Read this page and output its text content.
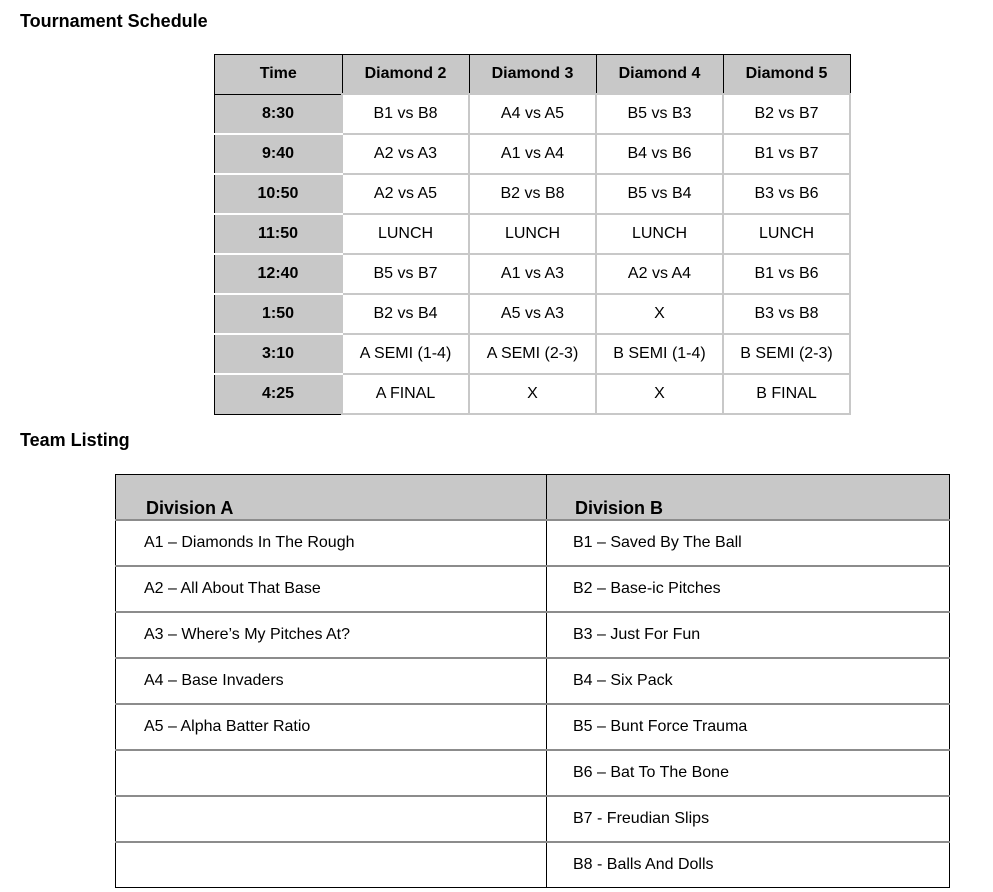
Tournament Schedule
Time	Diamond 2	Diamond 3	Diamond 4	Diamond 5
8:30	B1 vs B8	A4 vs A5	B5 vs B3	B2 vs B7
9:40	A2 vs A3	A1 vs A4	B4 vs B6	B1 vs B7
10:50	A2 vs A5	B2 vs B8	B5 vs B4	B3 vs B6
11:50	LUNCH	LUNCH	LUNCH	LUNCH
12:40	B5 vs B7	A1 vs A3	A2 vs A4	B1 vs B6
1:50	B2 vs B4	A5 vs A3	X	B3 vs B8
3:10	A SEMI (1-4)	A SEMI (2-3)	B SEMI (1-4)	B SEMI (2-3)
4:25	A FINAL	X	X	B FINAL
Team Listing
Division A	Division B
A1 – Diamonds In The Rough	B1 – Saved By The Ball
A2 – All About That Base	B2 – Base-ic Pitches
A3 – Where’s My Pitches At?	B3 – Just For Fun
A4 – Base Invaders	B4 – Six Pack
A5 – Alpha Batter Ratio	B5 – Bunt Force Trauma
	B6 – Bat To The Bone
	B7 - Freudian Slips
	B8 - Balls And Dolls
